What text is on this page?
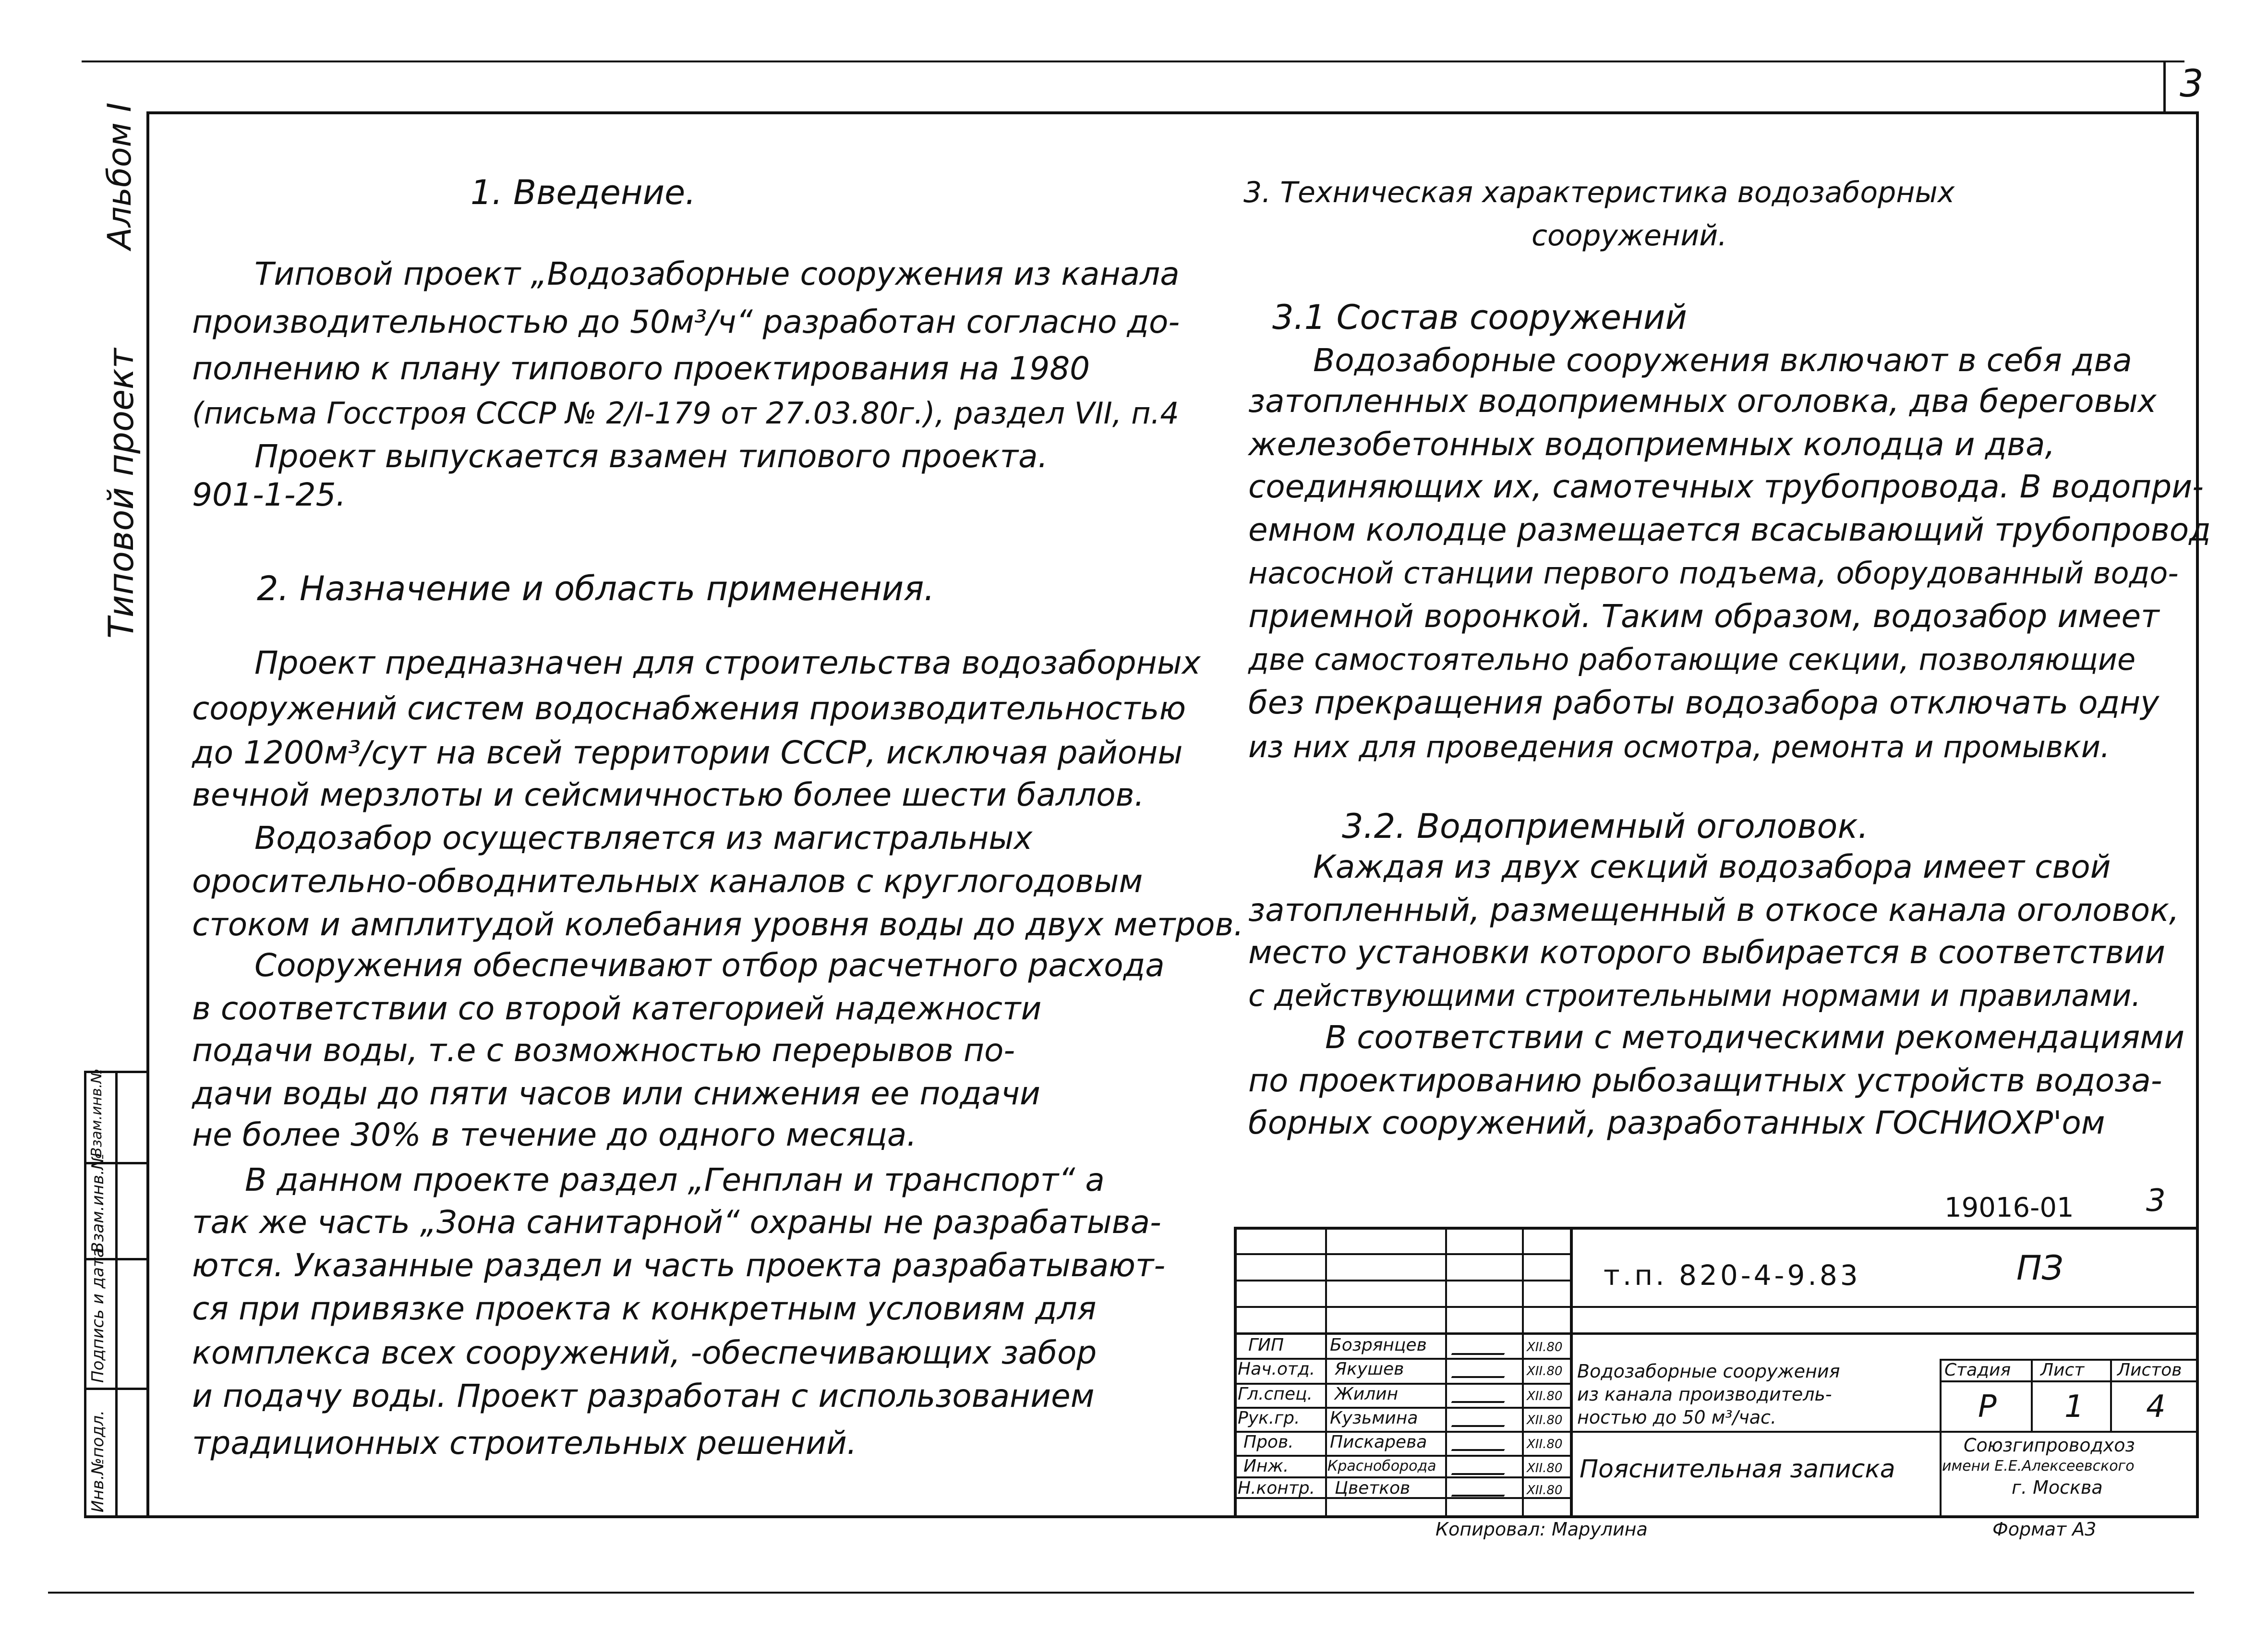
3
Альбом I
Типовой проект
Инв.№подл.
Подпись и дата
Взам.инв.№
Взам.инв.№
1. Введение.
Типовой проект „Водозаборные сооружения из канала
производительностью до 50м³/ч“ разработан согласно до-
полнению к плану типового проектирования на 1980
(письма Госстроя СССР № 2/I-179 от 27.03.80г.), раздел VII, п.4
Проект выпускается взамен типового проекта.
901-1-25.
2. Назначение и область применения.
Проект предназначен для строительства водозаборных
сооружений систем водоснабжения производительностью
до 1200м³/сут на всей территории СССР, исключая районы
вечной мерзлоты и сейсмичностью более шести баллов.
Водозабор осуществляется из магистральных
оросительно-обводнительных каналов с круглогодовым
стоком и амплитудой колебания уровня воды до двух метров.
Сооружения обеспечивают отбор расчетного расхода
в соответствии со второй категорией надежности
подачи воды, т.е с возможностью перерывов по-
дачи воды до пяти часов или снижения ее подачи
не более 30% в течение до одного месяца.
В данном проекте раздел „Генплан и транспорт“ а
так же часть „Зона санитарной“ охраны не разрабатыва-
ются. Указанные раздел и часть проекта разрабатывают-
ся при привязке проекта к конкретным условиям для
комплекса всех сооружений, -обеспечивающих забор
и подачу воды. Проект разработан с использованием
традиционных строительных решений.
3. Техническая характеристика водозаборных
сооружений.
3.1 Состав сооружений
Водозаборные сооружения включают в себя два
затопленных водоприемных оголовка, два береговых
железобетонных водоприемных колодца и два,
соединяющих их, самотечных трубопровода. В водопри-
емном колодце размещается всасывающий трубопровод
насосной станции первого подъема, оборудованный водо-
приемной воронкой. Таким образом, водозабор имеет
две самостоятельно работающие секции, позволяющие
без прекращения работы водозабора отключать одну
из них для проведения осмотра, ремонта и промывки.
3.2. Водоприемный оголовок.
Каждая из двух секций водозабора имеет свой
затопленный, размещенный в откосе канала оголовок,
место установки которого выбирается в соответствии
с действующими строительными нормами и правилами.
В соответствии с методическими рекомендациями
по проектированию рыбозащитных устройств водоза-
борных сооружений, разработанных ГОСНИОХР'ом
19016-01 3
т.п. 820-4-9.83	ПЗ
ГИП
Нач.отд.
Гл.спец.
Рук.гр.
Пров.
Инж.
Н.контр.
Бозрянцев
Якушев
Жилин
Кузьмина
Пискарева
Красноборода
Цветков
XII.80
XII.80
XII.80
XII.80
XII.80
XII.80
XII.80
Водозаборные сооружения
из канала производитель-
ностью до 50 м³/час.
Стадия Лист Листов
Р 1 4
Пояснительная записка
Союзгипроводхоз
имени Е.Е.Алексеевского
г. Москва
Копировал: Марулина	Формат А3
